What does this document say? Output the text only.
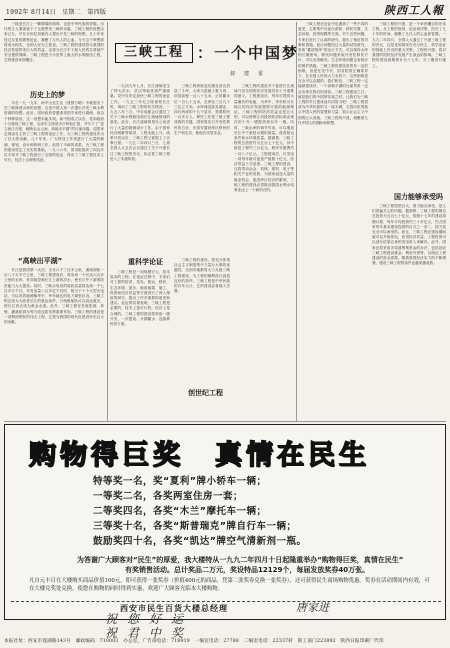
1992年 8月14日　星期二　第四版	陕西工人報
　　三峡是长江上一颗璀璨的明珠，也是中华民族的骄傲。历代的文人墨客留下了无数赞美三峡的诗篇，三峡工程的设想由来已久，早在本世纪初就有人提出开发三峡的构想，几十年来经过反复的勘察论证，凝聚了几代人的心血。今天这个梦想即将成为现实，全国人民为之振奋。三峡工程的建设将为我国的经济发展带来巨大的效益，也将为长江中下游人民的生命财产安全提供保障。三峡工程是当今世界上最大的水利枢纽工程，它的建设举世瞩目。
历史上的梦
　　早在一九一九年，孙中山先生在《建国方略》中就提出了在三峡修建水坝的设想。这是中国人第一次提出开发三峡水利资源的构想。此后，国民政府曾邀请美国专家进行勘测，但由于种种原因，这一设想未能实现。新中国成立以后，党和政府十分重视三峡工程，毛泽东主席曾多次听取汇报，并写下了“更立西江石壁，截断巫山云雨，高峡出平湖”的壮丽诗篇。周恩来总理亲自主持了三峡工程的论证工作，为三峡工程的建设作出了巨大的贡献。几十年来，广大科技工作者进行了大量的勘测、规划、设计和科研工作，取得了丰硕的成果，为三峡工程的建设奠定了坚实的基础。一九八六年，国务院组织了四百多位专家对三峡工程进行了全面的论证，得出了三峡工程技术上可行、经济上合理的结论。
“高峡出平湖”
　　长江是我国第一大河，全长六千三百多公里，流域面积一百八十万平方公里，三峡工程建成后，将形成一个长达六百多公里的水库，有效地控制长江上游的洪水，使长江中下游的防洪能力大大提高。同时，三峡水电站的装机容量将达到一千七百多万千瓦，年发电量八百多亿千瓦时，相当于十个大型火电站，可以有效地缓解华中、华东地区的电力紧张状况。三峡工程还将大大改善长江的航运条件，万吨级船队可以直达重庆，使长江真正成为黄金水道。此外，三峡工程在发展旅游、养殖、灌溉和供水等方面也将发挥重要作用。三峡工程的建设是一项利国利民的伟大工程，它将为我国的现代化建设作出巨大的贡献。
三峡工程 ：一个中国梦
叔　建　雷
　　一九四九年七月，长江流域发生了特大洪水，武汉等地受到严重威胁。党中央决定加快三峡工程的论证工作。一九五三年毛主席视察长江时，询问了三峡工程的有关情况。一九五八年三月，中央成都会议通过了关于三峡水利枢纽和长江流域规划的意见。此后，长江流域规划办公室进行了大量的勘测设计工作。由于国家经济困难等原因，工程未能上马。改革开放以后，三峡工程又被提上了议事日程。一九九二年四月三日，七届全国人大五次会议通过了关于兴建长江三峡工程的决议，标志着三峡工程进入了实施阶段。
重科学论证
　　三峡工程是一项规模宏大、技术复杂的工程。在论证过程中，专家们对工程的防洪、发电、航运、移民、生态环境、泥沙、地质地震、施工、投资和经济效益等方面进行了深入细致的研究，提出了许多重要的意见和建议。论证的结果表明，三峡工程是必要的，技术上是可行的，经济上是合理的。三峡工程的建设将采取一级开发、一次建成、分期蓄水、连续移民的方案。
　　三峡工程坝址选在湖北省宜昌县三斗坪，大坝为混凝土重力坝，坝顶高程一百八十五米，正常蓄水位一百七十五米，总库容三百九十三亿立方米。水库淹没涉及湖北、四川两省的十九个县市，需要移民一百多万人。移民工作是三峡工程成败的关键，国家将实行开发性移民的方针，妥善安置好库区移民的生产和生活，使他们安居乐业。
创世纪工程
　　三峡工程的建设，将充分体现社会主义制度集中力量办大事的优越性。全国各地都将大力支援三峡工程建设，为工程的顺利进行创造良好的条件。三峡工程是中华民族的百年大计，它的建设必将载入史册。
　　三峡工程的建设对于促进长江流域乃至全国的经济发展具有十分重要的意义。工程建成后，每年可提供大量廉价的电能，为华中、华东和川东地区的经济发展提供可靠的能源保证。三峡工程的防洪效益也是巨大的，可以使荆江河段的防洪标准由现在的十年一遇提高到百年一遇。同时，三峡水库的调节作用，可以增加长江中下游枯水期的流量，改善航运条件和水环境质量。据测算，三峡工程的总投资约为五百七十亿元，其中枢纽工程约三百亿元，移民安置费约一百八十亿元。工程建成后，仅发电一项每年就可创造产值数十亿元，经济效益十分显著。三峡工程的建设，还将带动冶金、机械、建材、电子等相关产业的发展，为国家创造大量的就业机会，促进库区经济的繁荣。三峡工程的建设必将推动我国水利水电事业迈上一个新的台阶。
　　三峡工程在论证中也遇到了一些不同的意见，主要集中在泥沙淤积、移民安置、生态环境、投资规模等方面。对于这些问题，专家们进行了认真的研究，提出了相应的对策和措施。泥沙问题经过大量的试验研究，采取“蓄清排浑”的运行方式，可以保持水库的长期使用。移民问题采取开发性移民方针，可以妥善解决。生态环境问题也有相应的保护措施。三峡工程的建设虽然有一定的困难，但是在党中央、国务院的正确领导下，在全国人民的大力支持下，这些困难是完全可以克服的。我们相信，三峡工程一定能够建设好，一个高峡平湖的壮丽景象一定会出现在我们的面前。三峡工程建成之日，就是我们的中国梦实现之时。让我们为三峡工程的早日建成而共同努力吧！三峡工程将成为中华民族的又一座丰碑，它将向世界展示中国人民的智慧和力量，展示社会主义中国的巨大成就。三峡工程的兴建，凝聚着几代中国人的期盼和梦想。
　　三峡工程的兴建，是一个举世瞩目的宏伟工程。从工程的规划、论证到决策，经历了几十年的时间，凝聚了几代人的心血和智慧。一九九二年四月，全国人大通过了兴建三峡工程的决议，这是党和国家在充分民主、科学论证的基础上作出的重大决策。工程的兴建，将对我国的国民经济发展产生深远的影响。三峡工程的建设周期预计为十七年，分三期进行施工。
国力能够承受吗
　　三峡工程投资巨大，国力能否承受，是人们普遍关心的问题。据测算，三峡工程的静态总投资为五百七十亿元，按照十七年的建设周期计算，每年平均投资约三十多亿元，约占国家每年基本建设投资的百分之一至二，国力是完全可以承受的。而且，三峡工程在建设期间就可以开始发电，获得经济效益，工程投资可以部分依靠自身的发电收入来解决。此外，国家还将采取多渠道筹集资金的办法，包括征收三峡工程建设基金、利用外资等，以保证工程建设的资金需要。随着我国经济实力的不断增强，建设三峡工程的条件也越来越成熟。
购物得巨奖　真情在民生
特等奖一名，奖“夏利”牌小轿车一辆；
一等奖二名，各奖两室住房一套；
二等奖四名，各奖“木兰”摩托车一辆；
三等奖十名，各奖“斯普瑞克”牌自行车一辆；
鼓励奖四十名，各奖“凯达”牌空气清新剂一瓶。
为答谢广大顾客对“民生”的厚爱，我大楼特从一九九二年四月十日起隆重举办“购物得巨奖，真情在民生”
有奖销售活动。总计奖品二万元，奖设特品12129个，每届发放奖券40万张。
凡自元丰日在大楼购买商品价值100元，即可获得一张奖券（价值400元的商品，凭第二张奖券兑换一张奖券），还可获得民生商场购物优惠。奖券在活动期间内有效，可在大楼兑奖处兑换，使您在购物的同时得到实惠，欢迎广大顾客光临本大楼购物。
西安市民生百货大楼总经理	唐家进
祝您好运
祝君中奖
本报社址：西安市莲湖路143号　邮政编码：710003　办公室，广告部电话：718919　一编室电话：27788　二编室电话：22337转　陕工南门223892　陕西日报印刷厂代印
